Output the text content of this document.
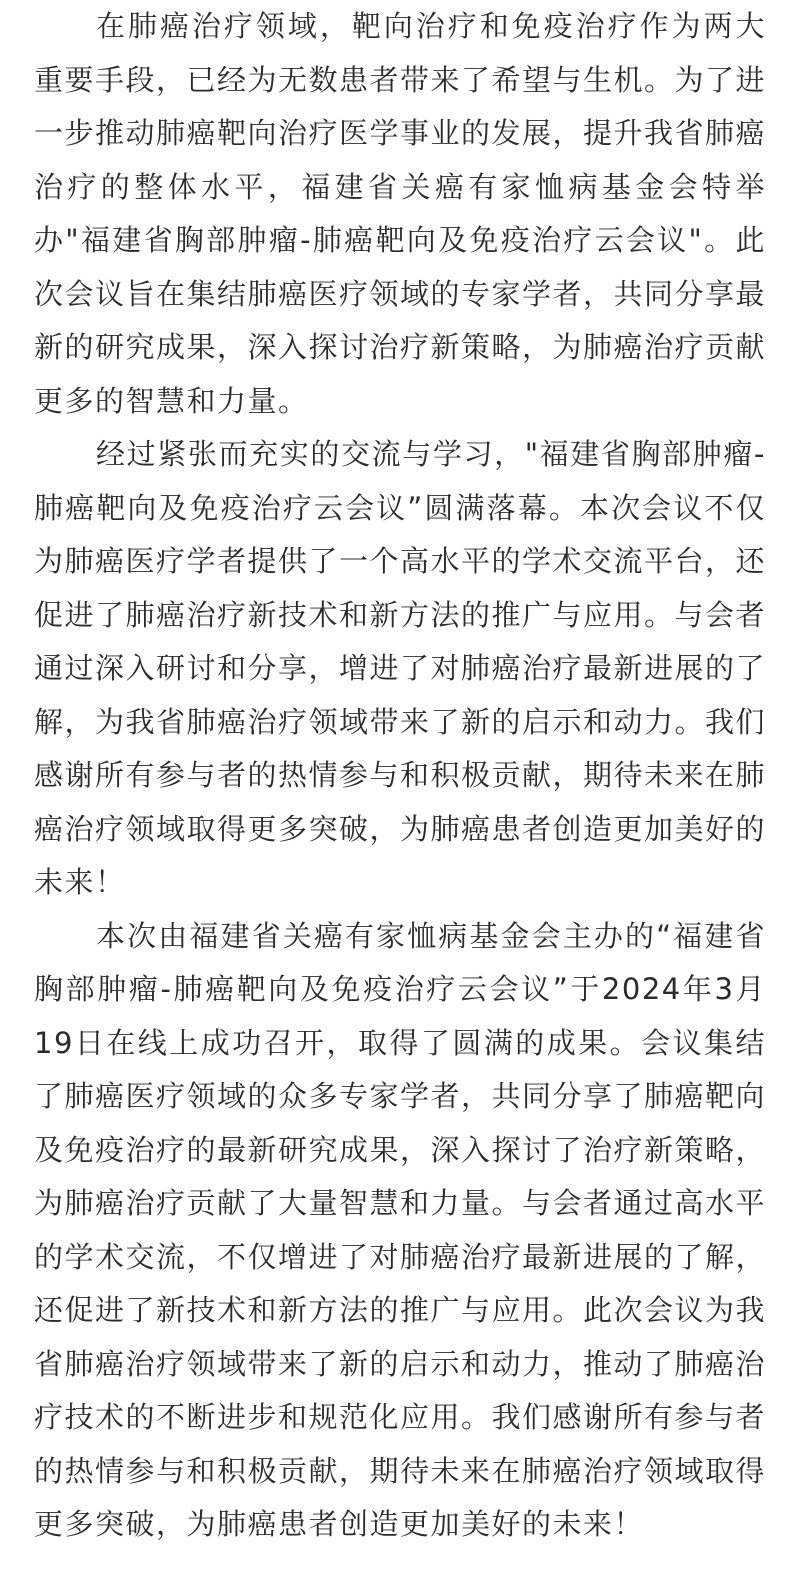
在肺癌治疗领域，靶向治疗和免疫治疗作为两大重要手段，已经为无数患者带来了希望与生机。为了进一步推动肺癌靶向治疗医学事业的发展，提升我省肺癌治疗的整体水平，福建省关癌有家恤病基金会特举办"福建省胸部肿瘤-肺癌靶向及免疫治疗云会议"。此次会议旨在集结肺癌医疗领域的专家学者，共同分享最新的研究成果，深入探讨治疗新策略，为肺癌治疗贡献更多的智慧和力量。

经过紧张而充实的交流与学习，"福建省胸部肿瘤-肺癌靶向及免疫治疗云会议”圆满落幕。本次会议不仅为肺癌医疗学者提供了一个高水平的学术交流平台，还促进了肺癌治疗新技术和新方法的推广与应用。与会者通过深入研讨和分享，增进了对肺癌治疗最新进展的了解，为我省肺癌治疗领域带来了新的启示和动力。我们感谢所有参与者的热情参与和积极贡献，期待未来在肺癌治疗领域取得更多突破，为肺癌患者创造更加美好的未来！

本次由福建省关癌有家恤病基金会主办的“福建省胸部肿瘤-肺癌靶向及免疫治疗云会议”于2024年3月19日在线上成功召开，取得了圆满的成果。会议集结了肺癌医疗领域的众多专家学者，共同分享了肺癌靶向及免疫治疗的最新研究成果，深入探讨了治疗新策略，为肺癌治疗贡献了大量智慧和力量。与会者通过高水平的学术交流，不仅增进了对肺癌治疗最新进展的了解，还促进了新技术和新方法的推广与应用。此次会议为我省肺癌治疗领域带来了新的启示和动力，推动了肺癌治疗技术的不断进步和规范化应用。我们感谢所有参与者的热情参与和积极贡献，期待未来在肺癌治疗领域取得更多突破，为肺癌患者创造更加美好的未来！
